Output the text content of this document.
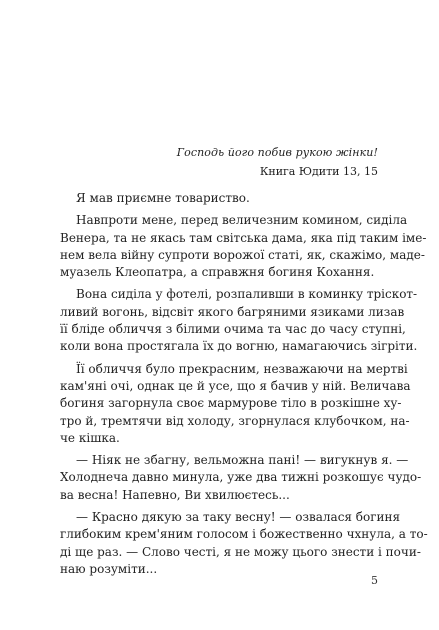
Господь його побив рукою жінки!
Книга Юдити 13, 15
Я мав приємне товариство.
Навпроти мене, перед величезним комином, сиділа
Венера, та не якась там світська дама, яка під таким іме-
нем вела війну супроти ворожої статі, як, скажімо, маде-
муазель Клеопатра, а справжня богиня Кохання.
Вона сиділа у фотелі, розпаливши в коминку тріскот-
ливий вогонь, відсвіт якого багряними язиками лизав
її бліде обличчя з білими очима та час до часу ступні,
коли вона простягала їх до вогню, намагаючись зігріти.
Її обличчя було прекрасним, незважаючи на мертві
кам'яні очі, однак це й усе, що я бачив у ній. Величава
богиня загорнула своє мармурове тіло в розкішне ху-
тро й, тремтячи від холоду, згорнулася клубочком, на-
че кішка.
— Ніяк не збагну, вельможна пані! — вигукнув я. —
Холоднеча давно минула, уже два тижні розкошує чудо-
ва весна! Напевно, Ви хвилюєтесь...
— Красно дякую за таку весну! — озвалася богиня
глибоким крем'яним голосом і божественно чхнула, а то-
ді ще раз. — Слово честі, я не можу цього знести і почи-
наю розуміти...
5
